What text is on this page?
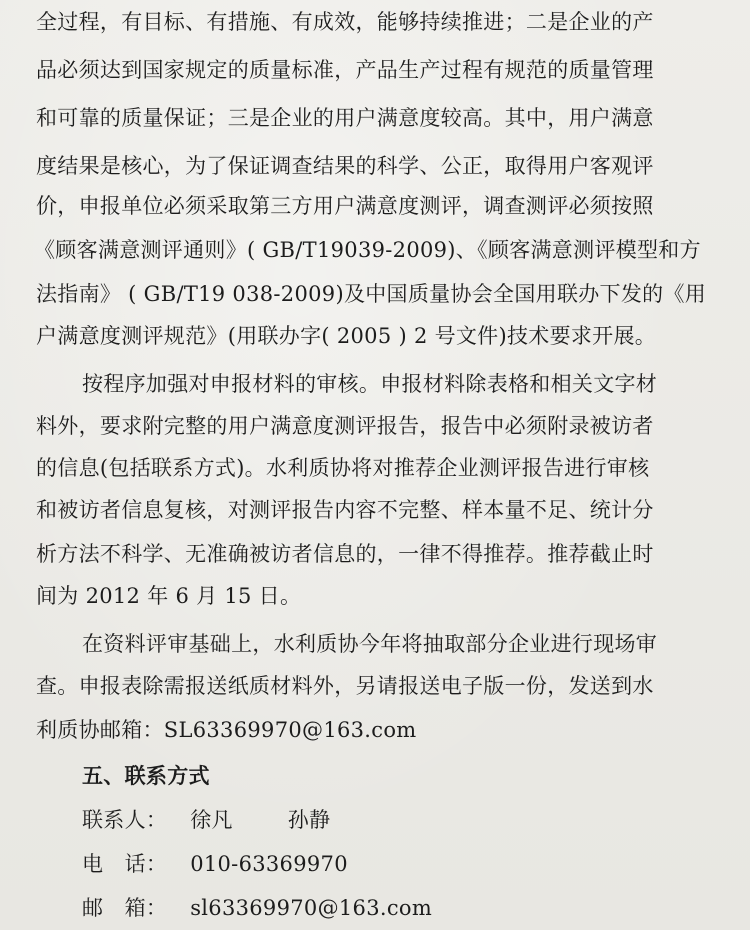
全过程，有目标、有措施、有成效，能够持续推进；二是企业的产
品必须达到国家规定的质量标准，产品生产过程有规范的质量管理
和可靠的质量保证；三是企业的用户满意度较高。其中，用户满意
度结果是核心，为了保证调查结果的科学、公正，取得用户客观评
价，申报单位必须采取第三方用户满意度测评，调查测评必须按照
《顾客满意测评通则》( GB/T19039-2009)、《顾客满意测评模型和方
法指南》 ( GB/T19 038-2009)及中国质量协会全国用联办下发的《用
户满意度测评规范》(用联办字( 2005 ) 2 号文件)技术要求开展。
按程序加强对申报材料的审核。申报材料除表格和相关文字材
料外，要求附完整的用户满意度测评报告，报告中必须附录被访者
的信息(包括联系方式)。水利质协将对推荐企业测评报告进行审核
和被访者信息复核，对测评报告内容不完整、样本量不足、统计分
析方法不科学、无准确被访者信息的，一律不得推荐。推荐截止时
间为 2012 年 6 月 15 日。
在资料评审基础上，水利质协今年将抽取部分企业进行现场审
查。申报表除需报送纸质材料外，另请报送电子版一份，发送到水
利质协邮箱：SL63369970@163.com
五、联系方式
联系人： 徐凡	孙静
电　话： 010-63369970
邮　箱： sl63369970@163.com
